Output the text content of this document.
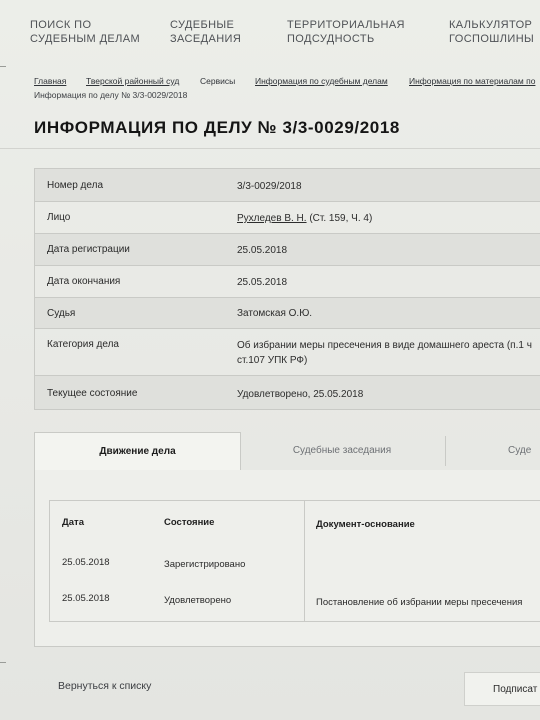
ПОИСК ПО
СУДЕБНЫМ ДЕЛАМ
СУДЕБНЫЕ
ЗАСЕДАНИЯ
ТЕРРИТОРИАЛЬНАЯ
ПОДСУДНОСТЬ
КАЛЬКУЛЯТОР
ГОСПОШЛИНЫ
Главная Тверской районный суд Сервисы Информация по судебным делам	Информация по материалам по
Информация по делу № 3/3-0029/2018
ИНФОРМАЦИЯ ПО ДЕЛУ № 3/3-0029/2018
Номер дела	3/3-0029/2018
Лицо	Рухледев В. Н. (Ст. 159, Ч. 4)
Дата регистрации	25.05.2018
Дата окончания	25.05.2018
Судья	Затомская О.Ю.
Категория дела	Об избрании меры пресечения в виде домашнего ареста (п.1 ч
ст.107 УПК РФ)
Текущее состояние	Удовлетворено, 25.05.2018
Движение дела	Судебные заседания	Суде
Дата	Состояние	Документ-основание
25.05.2018	Зарегистрировано
25.05.2018	Удовлетворено	Постановление об избрании меры пресечения
Вернуться к списку	Подписат
